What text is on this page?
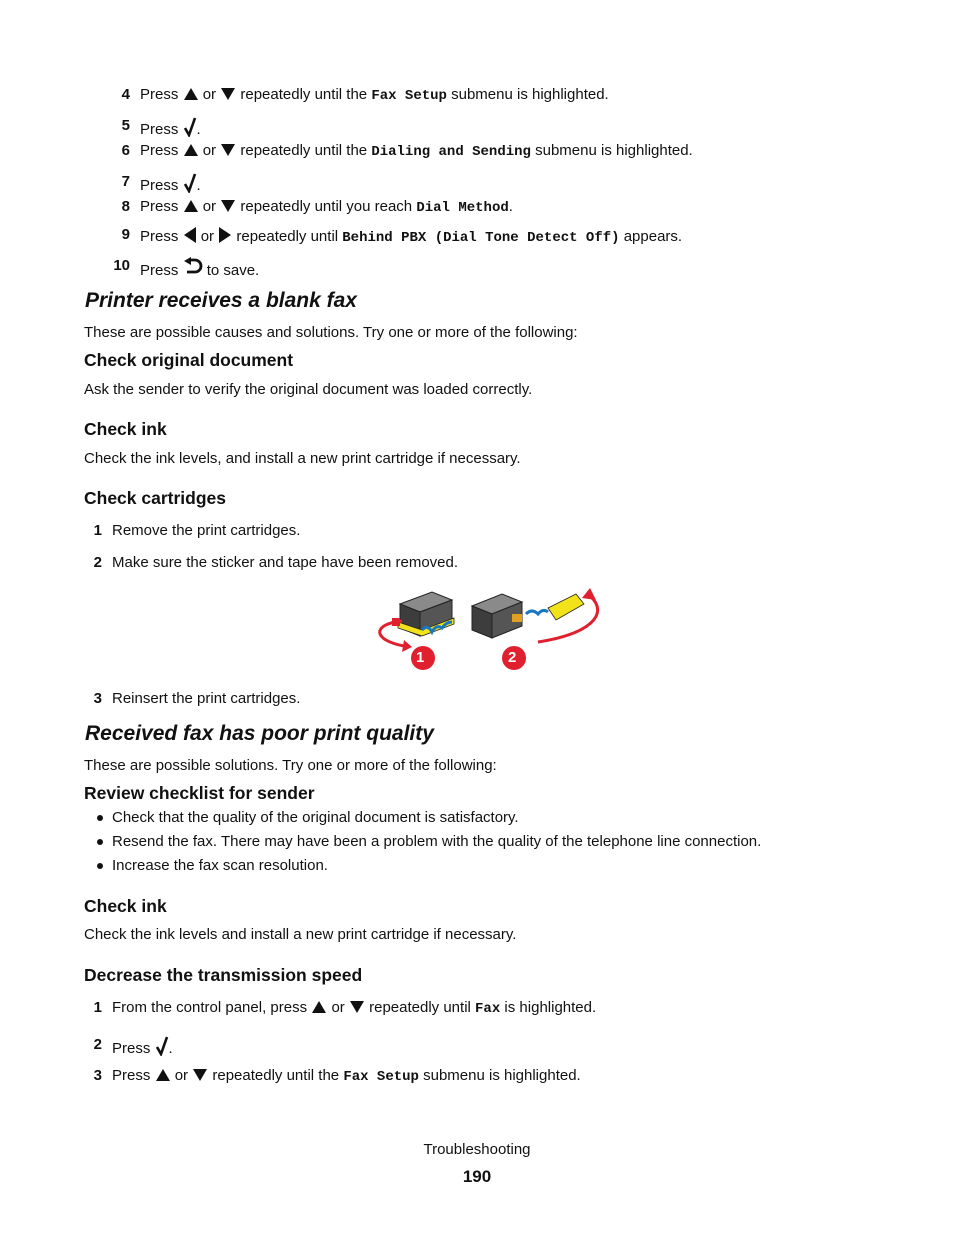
4 Press or repeatedly until the Fax Setup submenu is highlighted.
5 Press .
6 Press or repeatedly until the Dialing and Sending submenu is highlighted.
7 Press .
8 Press or repeatedly until you reach Dial Method.
9 Press or repeatedly until Behind PBX (Dial Tone Detect Off) appears.
10 Press to save.
Printer receives a blank fax
These are possible causes and solutions. Try one or more of the following:
Check original document
Ask the sender to verify the original document was loaded correctly.
Check ink
Check the ink levels, and install a new print cartridge if necessary.
Check cartridges
1 Remove the print cartridges.
2 Make sure the sticker and tape have been removed.
1	2
3 Reinsert the print cartridges.
Received fax has poor print quality
These are possible solutions. Try one or more of the following:
Review checklist for sender
Check that the quality of the original document is satisfactory.
Resend the fax. There may have been a problem with the quality of the telephone line connection.
Increase the fax scan resolution.
Check ink
Check the ink levels and install a new print cartridge if necessary.
Decrease the transmission speed
1 From the control panel, press or repeatedly until Fax is highlighted.
2 Press .
3 Press or repeatedly until the Fax Setup submenu is highlighted.
Troubleshooting
190
